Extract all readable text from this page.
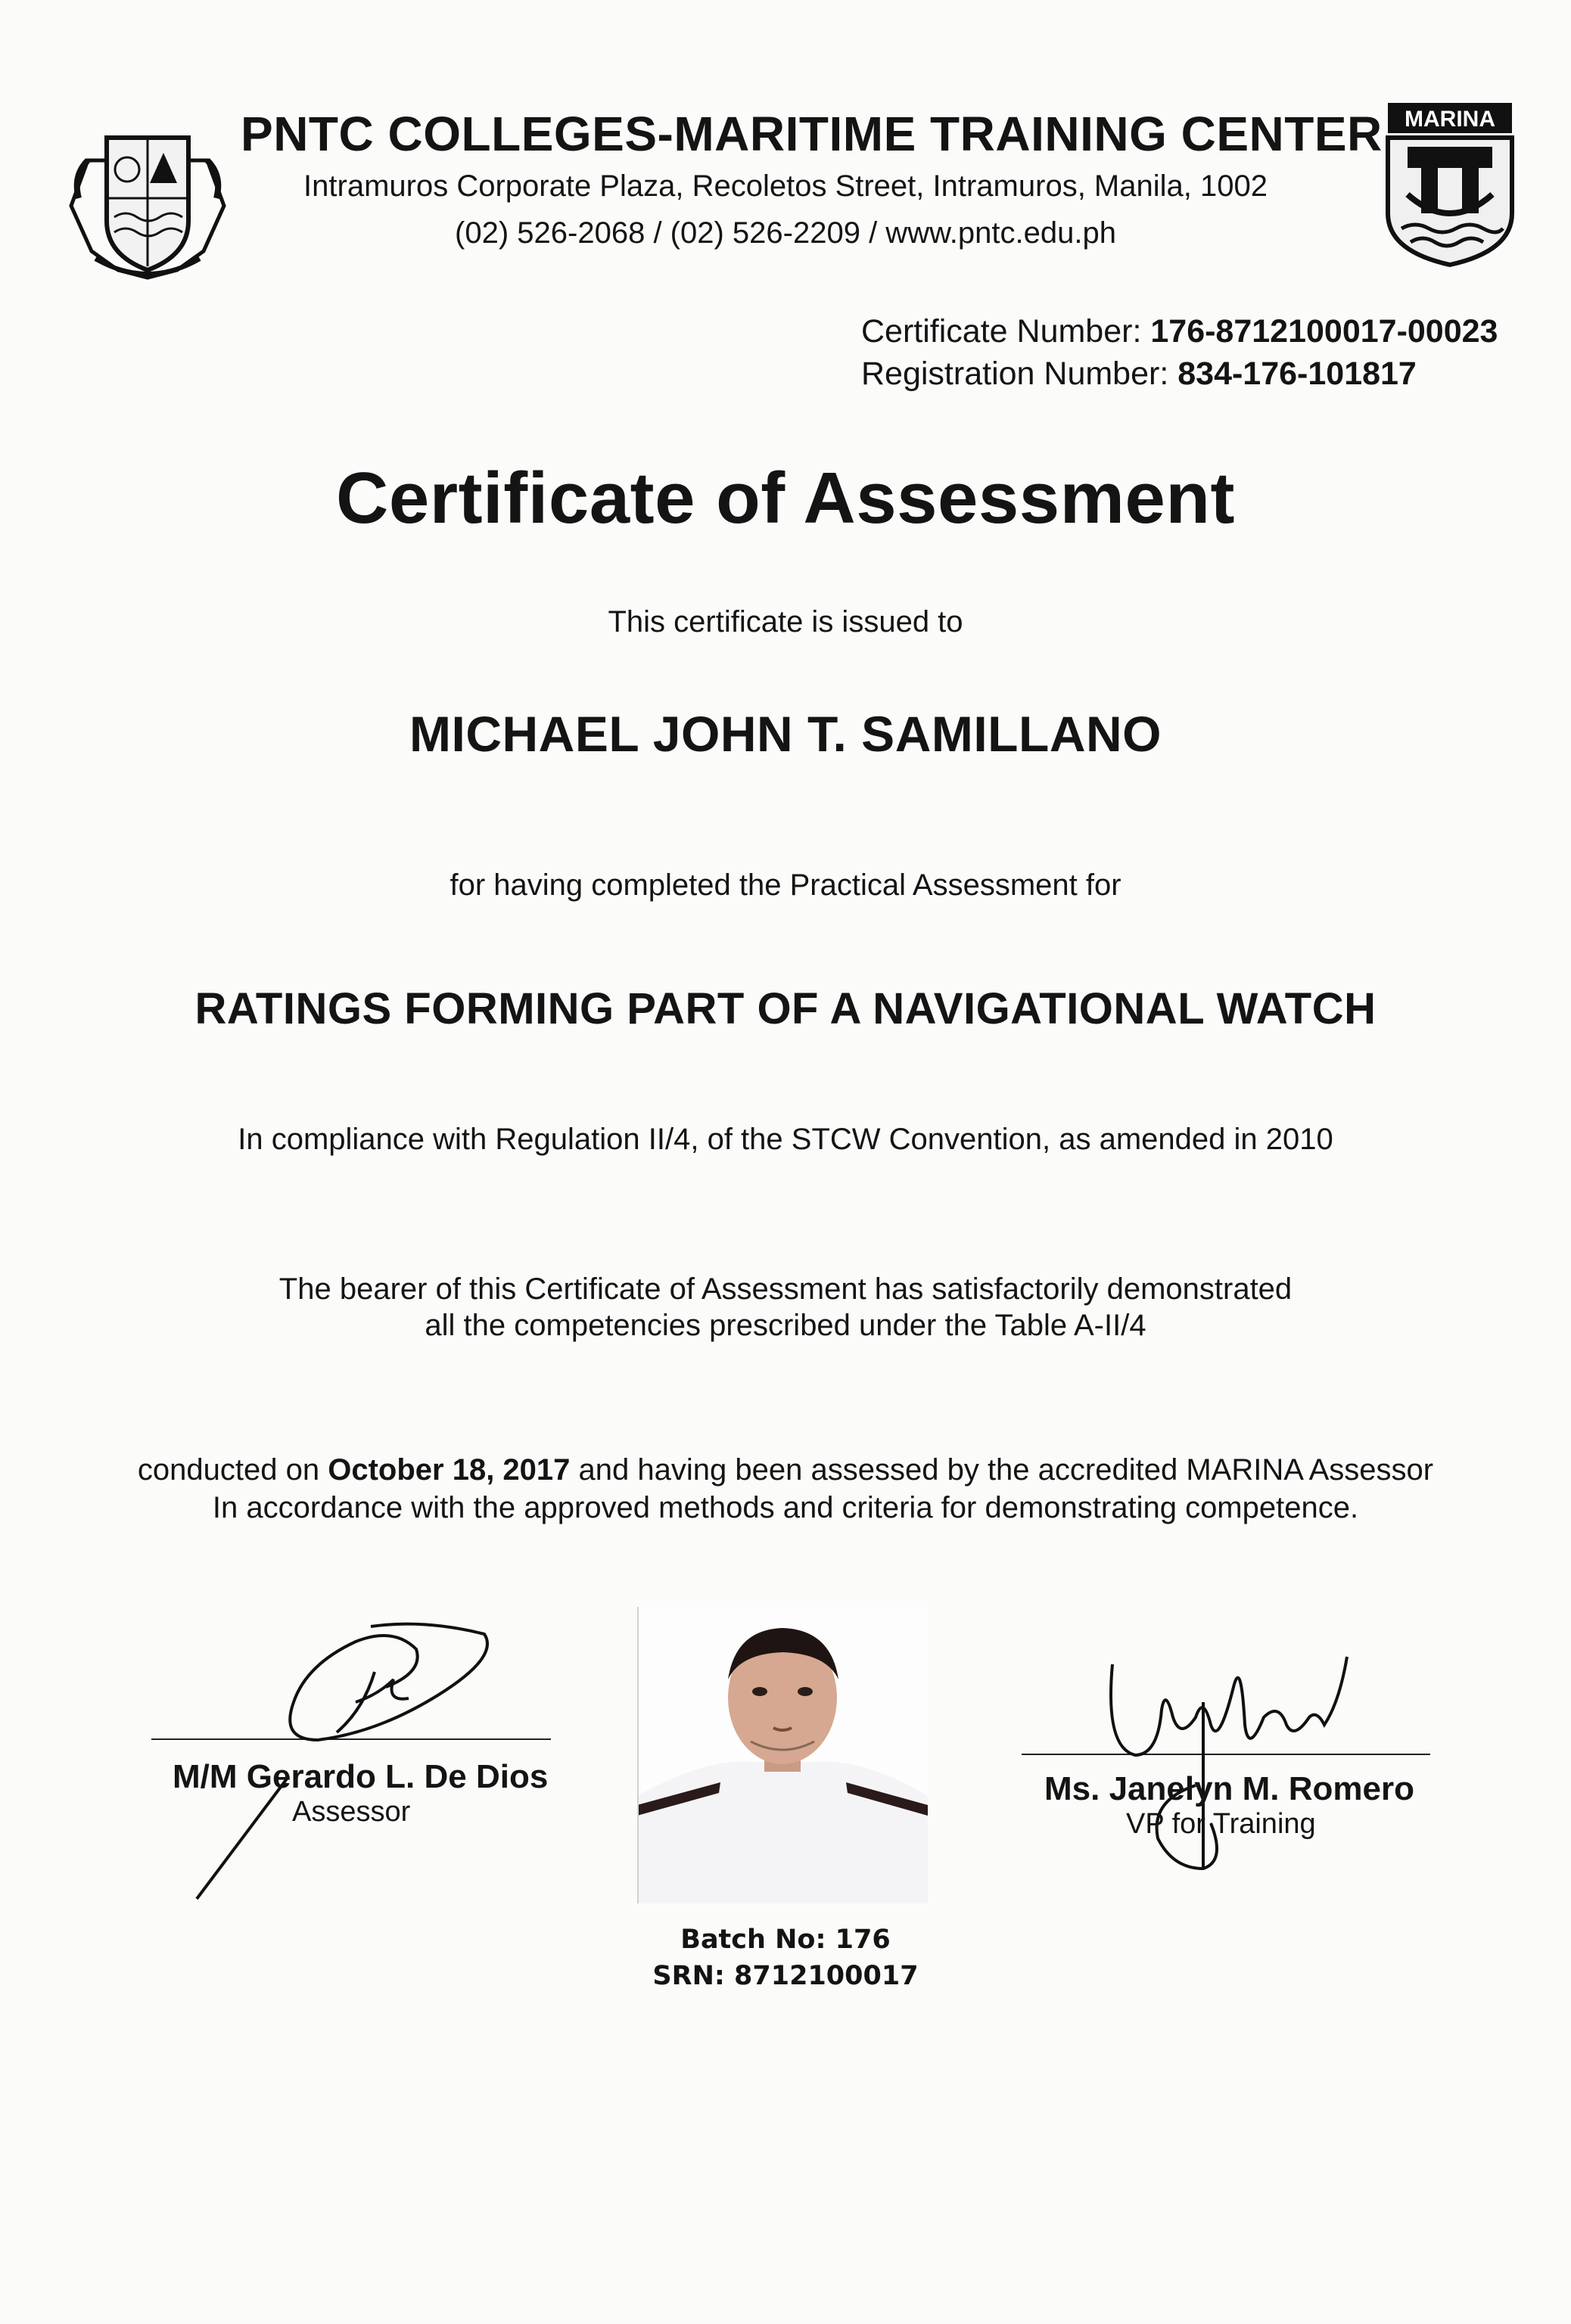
PNTC COLLEGES-MARITIME TRAINING CENTER
Intramuros Corporate Plaza, Recoletos Street, Intramuros, Manila, 1002
(02) 526-2068 / (02) 526-2209 / www.pntc.edu.ph
MARINA
Certificate Number: 176-8712100017-00023
Registration Number: 834-176-101817
Certificate of Assessment
This certificate is issued to
MICHAEL JOHN T. SAMILLANO
for having completed the Practical Assessment for
RATINGS FORMING PART OF A NAVIGATIONAL WATCH
In compliance with Regulation II/4, of the STCW Convention, as amended in 2010
The bearer of this Certificate of Assessment has satisfactorily demonstrated
all the competencies prescribed under the Table A-II/4
conducted on October 18, 2017 and having been assessed by the accredited MARINA Assessor
In accordance with the approved methods and criteria for demonstrating competence.
M/M Gerardo L. De Dios
Assessor
Batch No: 176
SRN: 8712100017
Ms. Janelyn M. Romero
VP for Training
